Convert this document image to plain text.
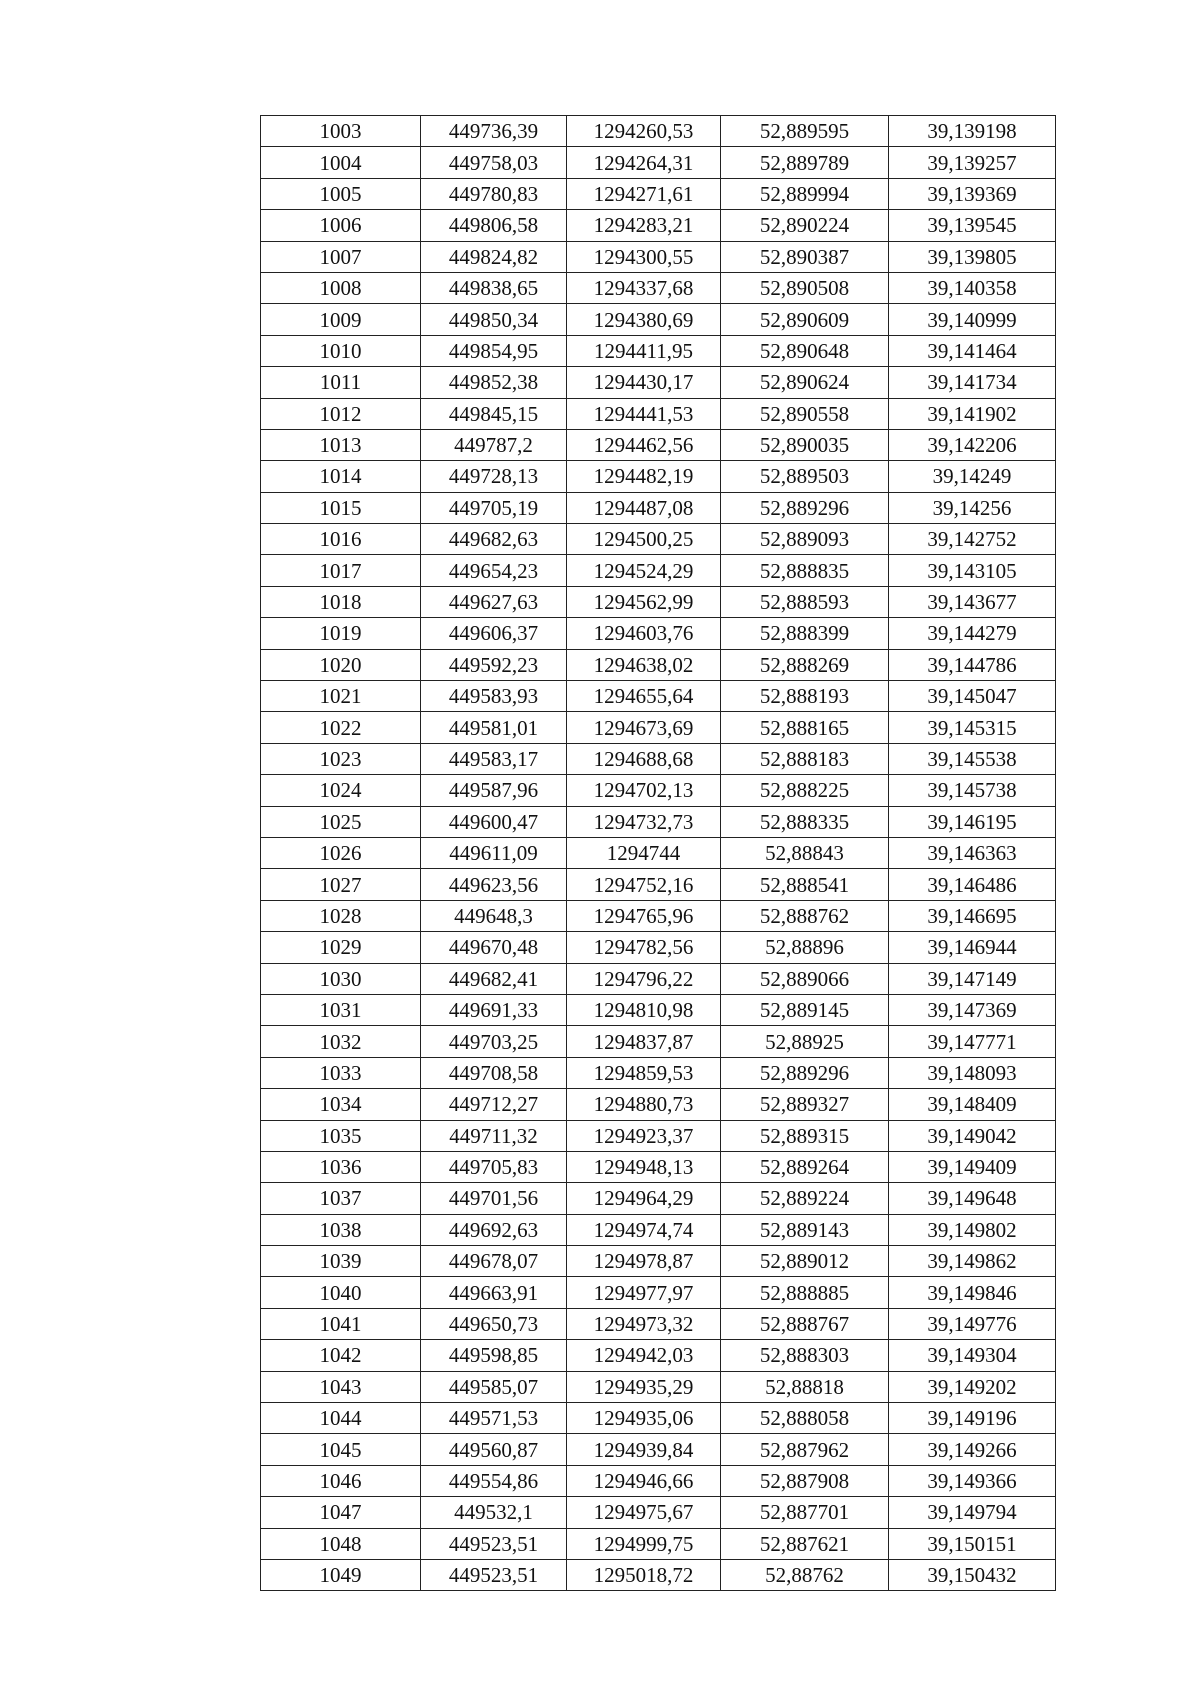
1003	449736,39	1294260,53	52,889595	39,139198
1004	449758,03	1294264,31	52,889789	39,139257
1005	449780,83	1294271,61	52,889994	39,139369
1006	449806,58	1294283,21	52,890224	39,139545
1007	449824,82	1294300,55	52,890387	39,139805
1008	449838,65	1294337,68	52,890508	39,140358
1009	449850,34	1294380,69	52,890609	39,140999
1010	449854,95	1294411,95	52,890648	39,141464
1011	449852,38	1294430,17	52,890624	39,141734
1012	449845,15	1294441,53	52,890558	39,141902
1013	449787,2	1294462,56	52,890035	39,142206
1014	449728,13	1294482,19	52,889503	39,14249
1015	449705,19	1294487,08	52,889296	39,14256
1016	449682,63	1294500,25	52,889093	39,142752
1017	449654,23	1294524,29	52,888835	39,143105
1018	449627,63	1294562,99	52,888593	39,143677
1019	449606,37	1294603,76	52,888399	39,144279
1020	449592,23	1294638,02	52,888269	39,144786
1021	449583,93	1294655,64	52,888193	39,145047
1022	449581,01	1294673,69	52,888165	39,145315
1023	449583,17	1294688,68	52,888183	39,145538
1024	449587,96	1294702,13	52,888225	39,145738
1025	449600,47	1294732,73	52,888335	39,146195
1026	449611,09	1294744	52,88843	39,146363
1027	449623,56	1294752,16	52,888541	39,146486
1028	449648,3	1294765,96	52,888762	39,146695
1029	449670,48	1294782,56	52,88896	39,146944
1030	449682,41	1294796,22	52,889066	39,147149
1031	449691,33	1294810,98	52,889145	39,147369
1032	449703,25	1294837,87	52,88925	39,147771
1033	449708,58	1294859,53	52,889296	39,148093
1034	449712,27	1294880,73	52,889327	39,148409
1035	449711,32	1294923,37	52,889315	39,149042
1036	449705,83	1294948,13	52,889264	39,149409
1037	449701,56	1294964,29	52,889224	39,149648
1038	449692,63	1294974,74	52,889143	39,149802
1039	449678,07	1294978,87	52,889012	39,149862
1040	449663,91	1294977,97	52,888885	39,149846
1041	449650,73	1294973,32	52,888767	39,149776
1042	449598,85	1294942,03	52,888303	39,149304
1043	449585,07	1294935,29	52,88818	39,149202
1044	449571,53	1294935,06	52,888058	39,149196
1045	449560,87	1294939,84	52,887962	39,149266
1046	449554,86	1294946,66	52,887908	39,149366
1047	449532,1	1294975,67	52,887701	39,149794
1048	449523,51	1294999,75	52,887621	39,150151
1049	449523,51	1295018,72	52,88762	39,150432
